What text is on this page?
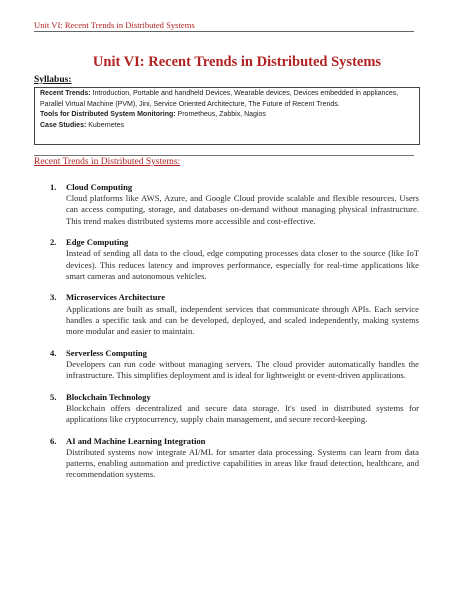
Unit VI: Recent Trends in Distributed Systems
Unit VI: Recent Trends in Distributed Systems
Syllabus:
Recent Trends: Introduction, Portable and handheld Devices, Wearable devices, Devices embedded in appliances, Parallel Virtual Machine (PVM), Jini, Service Oriented Architecture, The Future of Recent Trends.
Tools for Distributed System Monitoring: Prometheus, Zabbix, Nagios
Case Studies: Kubernetes
Recent Trends in Distributed Systems:
1. Cloud Computing
Cloud platforms like AWS, Azure, and Google Cloud provide scalable and flexible resources. Users can access computing, storage, and databases on-demand without managing physical infrastructure. This trend makes distributed systems more accessible and cost-effective.
2. Edge Computing
Instead of sending all data to the cloud, edge computing processes data closer to the source (like IoT devices). This reduces latency and improves performance, especially for real-time applications like smart cameras and autonomous vehicles.
3. Microservices Architecture
Applications are built as small, independent services that communicate through APIs. Each service handles a specific task and can be developed, deployed, and scaled independently, making systems more modular and easier to maintain.
4. Serverless Computing
Developers can run code without managing servers. The cloud provider automatically handles the infrastructure. This simplifies deployment and is ideal for lightweight or event-driven applications.
5. Blockchain Technology
Blockchain offers decentralized and secure data storage. It's used in distributed systems for applications like cryptocurrency, supply chain management, and secure record-keeping.
6. AI and Machine Learning Integration
Distributed systems now integrate AI/ML for smarter data processing. Systems can learn from data patterns, enabling automation and predictive capabilities in areas like fraud detection, healthcare, and recommendation systems.
